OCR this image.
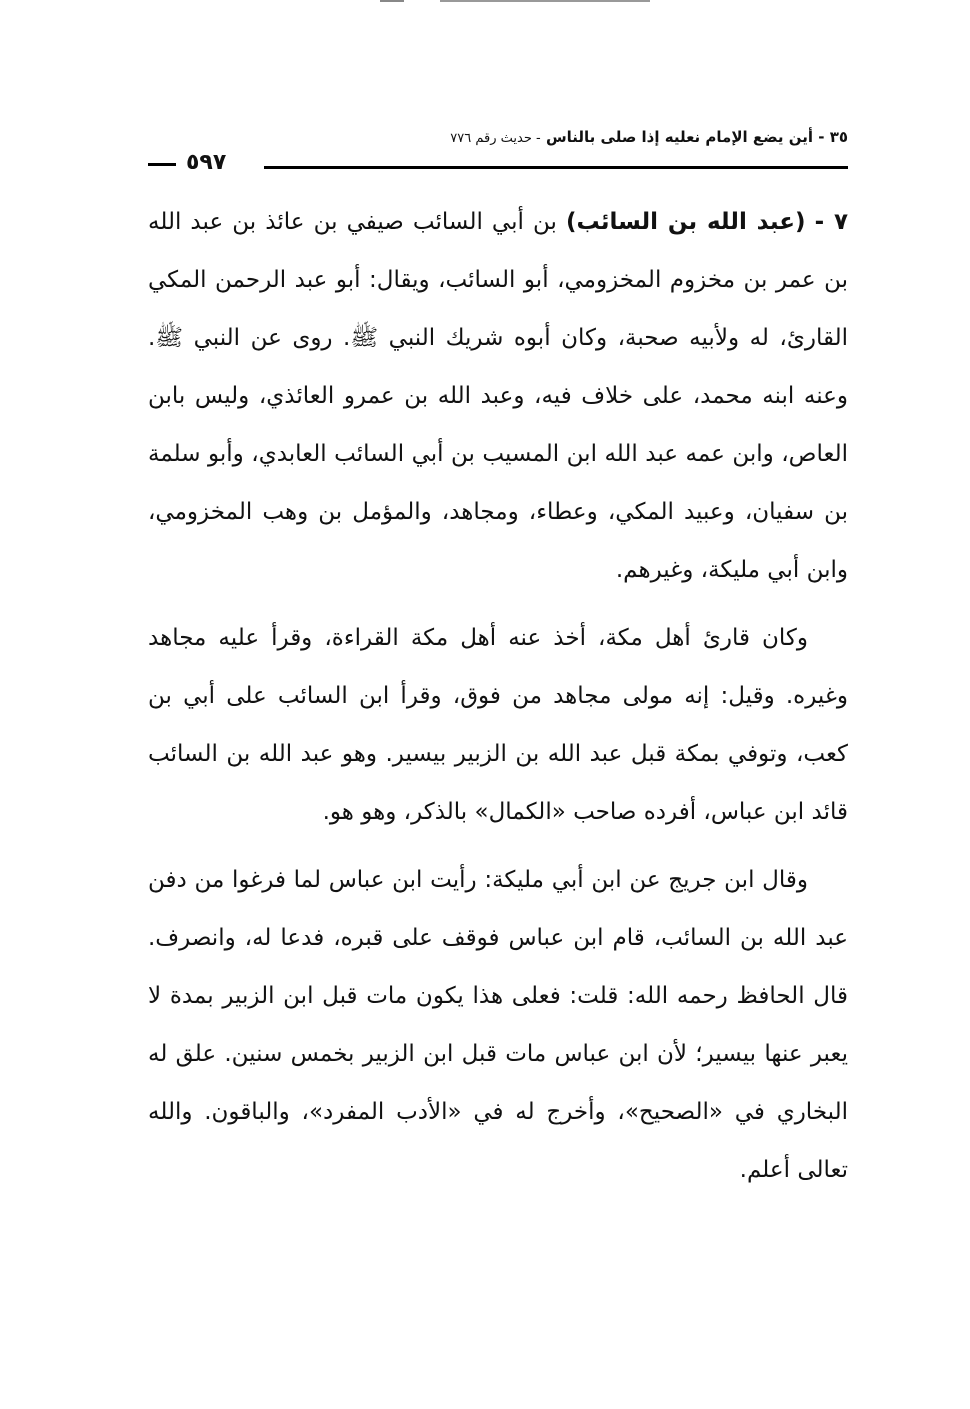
٣٥ - أين يضع الإمام نعليه إذا صلى بالناس - حديث رقم ٧٧٦
٥٩٧

٧ - (عبد الله بن السائب) بن أبي السائب صيفي بن عائذ بن عبد الله بن عمر بن مخزوم المخزومي، أبو السائب، ويقال: أبو عبد الرحمن المكي القارئ، له ولأبيه صحبة، وكان أبوه شريك النبي ﷺ. روى عن النبي ﷺ. وعنه ابنه محمد، على خلاف فيه، وعبد الله بن عمرو العائذي، وليس بابن العاص، وابن عمه عبد الله ابن المسيب بن أبي السائب العابدي، وأبو سلمة بن سفيان، وعبيد المكي، وعطاء، ومجاهد، والمؤمل بن وهب المخزومي، وابن أبي مليكة، وغيرهم.

وكان قارئ أهل مكة، أخذ عنه أهل مكة القراءة، وقرأ عليه مجاهد وغيره. وقيل: إنه مولى مجاهد من فوق، وقرأ ابن السائب على أبي بن كعب، وتوفي بمكة قبل عبد الله بن الزبير بيسير. وهو عبد الله بن السائب قائد ابن عباس، أفرده صاحب «الكمال» بالذكر، وهو هو.

وقال ابن جريج عن ابن أبي مليكة: رأيت ابن عباس لما فرغوا من دفن عبد الله بن السائب، قام ابن عباس فوقف على قبره، فدعا له، وانصرف. قال الحافظ رحمه الله: قلت: فعلى هذا يكون مات قبل ابن الزبير بمدة لا يعبر عنها بيسير؛ لأن ابن عباس مات قبل ابن الزبير بخمس سنين. علق له البخاري في «الصحيح»، وأخرج له في «الأدب المفرد»، والباقون. والله تعالى أعلم.
